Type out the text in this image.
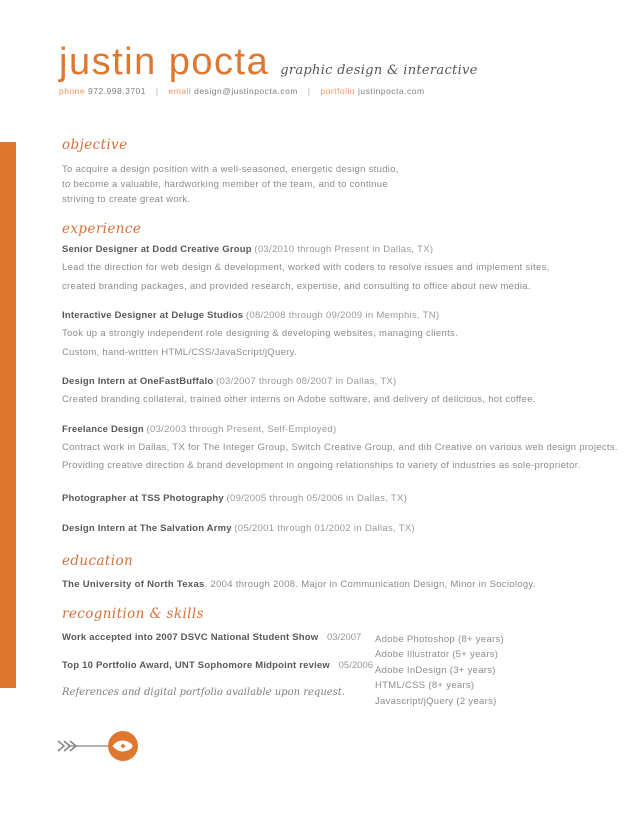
justin pocta graphic design & interactive
phone 972.998.3701 | email design@justinpocta.com | portfolio justinpocta.com
objective
To acquire a design position with a well-seasoned, energetic design studio,
to become a valuable, hardworking member of the team, and to continue
striving to create great work.
experience
Senior Designer at Dodd Creative Group (03/2010 through Present in Dallas, TX)
Lead the direction for web design & development, worked with coders to resolve issues and implement sites,
created branding packages, and provided research, expertise, and consulting to office about new media.
Interactive Designer at Deluge Studios (08/2008 through 09/2009 in Memphis, TN)
Took up a strongly independent role designing & developing websites, managing clients.
Custom, hand-written HTML/CSS/JavaScript/jQuery.
Design Intern at OneFastBuffalo (03/2007 through 08/2007 in Dallas, TX)
Created branding collateral, trained other interns on Adobe software, and delivery of delicious, hot coffee.
Freelance Design (03/2003 through Present, Self-Employed)
Contract work in Dallas, TX for The Integer Group, Switch Creative Group, and dib Creative on various web design projects.
Providing creative direction & brand development in ongoing relationships to variety of industries as sole-proprietor.
Photographer at TSS Photography (09/2005 through 05/2006 in Dallas, TX)
Design Intern at The Salvation Army (05/2001 through 01/2002 in Dallas, TX)
education
The University of North Texas. 2004 through 2008. Major in Communication Design, Minor in Sociology.
recognition & skills
Work accepted into 2007 DSVC National Student Show 03/2007
Top 10 Portfolio Award, UNT Sophomore Midpoint review 05/2006
References and digital portfolio available upon request.
Adobe Photoshop (8+ years)
Adobe Illustrator (5+ years)
Adobe InDesign (3+ years)
HTML/CSS (8+ years)
Javascript/jQuery (2 years)
